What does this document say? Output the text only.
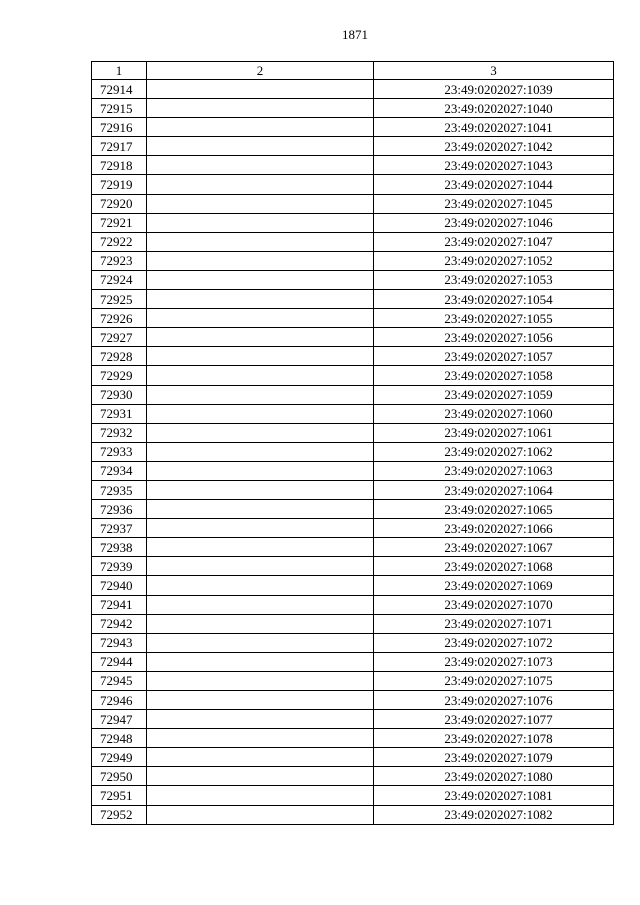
1871
1	2	3
72914		23:49:0202027:1039
72915		23:49:0202027:1040
72916		23:49:0202027:1041
72917		23:49:0202027:1042
72918		23:49:0202027:1043
72919		23:49:0202027:1044
72920		23:49:0202027:1045
72921		23:49:0202027:1046
72922		23:49:0202027:1047
72923		23:49:0202027:1052
72924		23:49:0202027:1053
72925		23:49:0202027:1054
72926		23:49:0202027:1055
72927		23:49:0202027:1056
72928		23:49:0202027:1057
72929		23:49:0202027:1058
72930		23:49:0202027:1059
72931		23:49:0202027:1060
72932		23:49:0202027:1061
72933		23:49:0202027:1062
72934		23:49:0202027:1063
72935		23:49:0202027:1064
72936		23:49:0202027:1065
72937		23:49:0202027:1066
72938		23:49:0202027:1067
72939		23:49:0202027:1068
72940		23:49:0202027:1069
72941		23:49:0202027:1070
72942		23:49:0202027:1071
72943		23:49:0202027:1072
72944		23:49:0202027:1073
72945		23:49:0202027:1075
72946		23:49:0202027:1076
72947		23:49:0202027:1077
72948		23:49:0202027:1078
72949		23:49:0202027:1079
72950		23:49:0202027:1080
72951		23:49:0202027:1081
72952		23:49:0202027:1082
